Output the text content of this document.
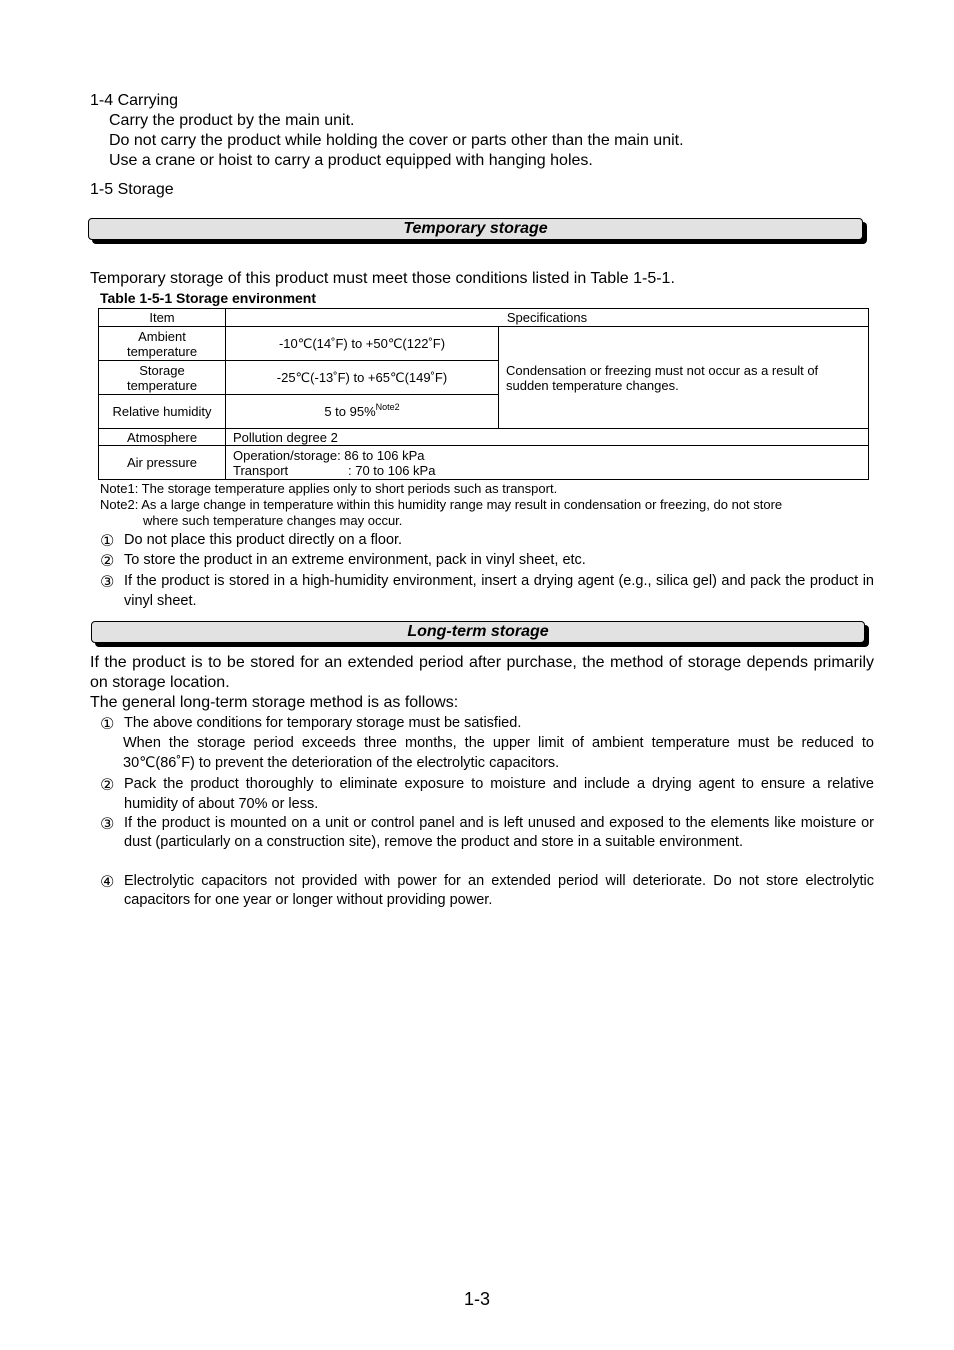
1-4 Carrying
Carry the product by the main unit.
Do not carry the product while holding the cover or parts other than the main unit.
Use a crane or hoist to carry a product equipped with hanging holes.
1-5 Storage
Temporary storage
Temporary storage of this product must meet those conditions listed in Table 1-5-1.
Table 1-5-1 Storage environment
Item	Specifications	
Ambient temperature	-10℃(14˚F) to +50℃(122˚F)	Condensation or freezing must not occur as a result of sudden temperature changes.
Storage temperature	-25℃(-13˚F) to +65℃(149˚F)	
Relative humidity	5 to 95%$^{Note2}$
Atmosphere	Pollution degree 2	
Air pressure	Operation/storage: 86 to 106 kPa
Transport : 70 to 106 kPa	
Note1: The storage temperature applies only to short periods such as transport.
Note2: As a large change in temperature within this humidity range may result in condensation or freezing, do not store
where such temperature changes may occur.
① Do not place this product directly on a floor.
② To store the product in an extreme environment, pack in vinyl sheet, etc.
③ If the product is stored in a high-humidity environment, insert a drying agent (e.g., silica gel) and pack the product in vinyl sheet.
Long-term storage
If the product is to be stored for an extended period after purchase, the method of storage depends primarily on storage location.
The general long-term storage method is as follows:
① The above conditions for temporary storage must be satisfied.
When the storage period exceeds three months, the upper limit of ambient temperature must be reduced to 30℃(86˚F) to prevent the deterioration of the electrolytic capacitors.
② Pack the product thoroughly to eliminate exposure to moisture and include a drying agent to ensure a relative humidity of about 70% or less.
③ If the product is mounted on a unit or control panel and is left unused and exposed to the elements like moisture or dust (particularly on a construction site), remove the product and store in a suitable environment.
④ Electrolytic capacitors not provided with power for an extended period will deteriorate. Do not store electrolytic capacitors for one year or longer without providing power.
1-3
